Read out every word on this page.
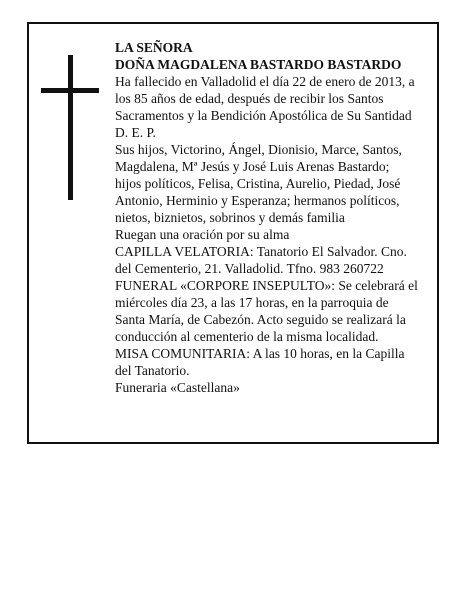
LA SEÑORA
DOÑA MAGDALENA BASTARDO BASTARDO
Ha fallecido en Valladolid el día 22 de enero de 2013, a
los 85 años de edad, después de recibir los Santos
Sacramentos y la Bendición Apostólica de Su Santidad
D. E. P.
Sus hijos, Victorino, Ángel, Dionisio, Marce, Santos,
Magdalena, Mª Jesús y José Luis Arenas Bastardo;
hijos políticos, Felisa, Cristina, Aurelio, Piedad, José
Antonio, Herminio y Esperanza; hermanos políticos,
nietos, biznietos, sobrinos y demás familia
Ruegan una oración por su alma
CAPILLA VELATORIA: Tanatorio El Salvador. Cno.
del Cementerio, 21. Valladolid. Tfno. 983 260722
FUNERAL «CORPORE INSEPULTO»: Se celebrará el
miércoles día 23, a las 17 horas, en la parroquia de
Santa María, de Cabezón. Acto seguido se realizará la
conducción al cementerio de la misma localidad.
MISA COMUNITARIA: A las 10 horas, en la Capilla
del Tanatorio.
Funeraria «Castellana»
